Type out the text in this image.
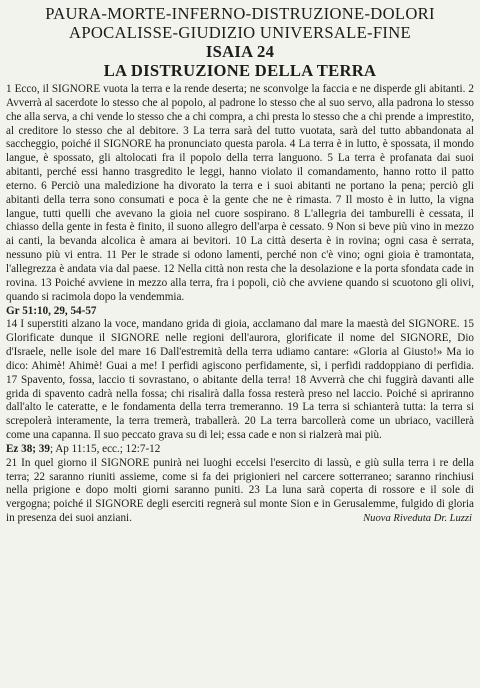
PAURA-MORTE-INFERNO-DISTRUZIONE-DOLORI
APOCALISSE-GIUDIZIO UNIVERSALE-FINE
ISAIA 24
LA DISTRUZIONE DELLA TERRA

1 Ecco, il SIGNORE vuota la terra e la rende deserta; ne sconvolge la faccia e ne disperde gli abitanti. 2 Avverrà al sacerdote lo stesso che al popolo, al padrone lo stesso che al suo servo, alla padrona lo stesso che alla serva, a chi vende lo stesso che a chi compra, a chi presta lo stesso che a chi prende a imprestito, al creditore lo stesso che al debitore. 3 La terra sarà del tutto vuotata, sarà del tutto abbandonata al saccheggio, poiché il SIGNORE ha pronunciato questa parola. 4 La terra è in lutto, è spossata, il mondo langue, è spossato, gli altolocati fra il popolo della terra languono. 5 La terra è profanata dai suoi abitanti, perché essi hanno trasgredito le leggi, hanno violato il comandamento, hanno rotto il patto eterno. 6 Perciò una maledizione ha divorato la terra e i suoi abitanti ne portano la pena; perciò gli abitanti della terra sono consumati e poca è la gente che ne è rimasta. 7 Il mosto è in lutto, la vigna langue, tutti quelli che avevano la gioia nel cuore sospirano. 8 L'allegria dei tamburelli è cessata, il chiasso della gente in festa è finito, il suono allegro dell'arpa è cessato. 9 Non si beve più vino in mezzo ai canti, la bevanda alcolica è amara ai bevitori. 10 La città deserta è in rovina; ogni casa è serrata, nessuno più vi entra. 11 Per le strade si odono lamenti, perché non c'è vino; ogni gioia è tramontata, l'allegrezza è andata via dal paese. 12 Nella città non resta che la desolazione e la porta sfondata cade in rovina. 13 Poiché avviene in mezzo alla terra, fra i popoli, ciò che avviene quando si scuotono gli olivi, quando si racimola dopo la vendemmia.

Gr 51:10, 29, 54-57

14 I superstiti alzano la voce, mandano grida di gioia, acclamano dal mare la maestà del SIGNORE. 15 Glorificate dunque il SIGNORE nelle regioni dell'aurora, glorificate il nome del SIGNORE, Dio d'Israele, nelle isole del mare 16 Dall'estremità della terra udiamo cantare: «Gloria al Giusto!» Ma io dico: Ahimè! Ahimè! Guai a me! I perfidi agiscono perfidamente, sì, i perfidi raddoppiano di perfidia. 17 Spavento, fossa, laccio ti sovrastano, o abitante della terra! 18 Avverrà che chi fuggirà davanti alle grida di spavento cadrà nella fossa; chi risalirà dalla fossa resterà preso nel laccio. Poiché si apriranno dall'alto le cateratte, e le fondamenta della terra tremeranno. 19 La terra si schianterà tutta: la terra si screpolerà interamente, la terra tremerà, traballerà. 20 La terra barcollerà come un ubriaco, vacillerà come una capanna. Il suo peccato grava su di lei; essa cade e non si rialzerà mai più.

Ez 38; 39; Ap 11:15, ecc.; 12:7-12

21 In quel giorno il SIGNORE punirà nei luoghi eccelsi l'esercito di lassù, e giù sulla terra i re della terra; 22 saranno riuniti assieme, come si fa dei prigionieri nel carcere sotterraneo; saranno rinchiusi nella prigione e dopo molti giorni saranno puniti. 23 La luna sarà coperta di rossore e il sole di vergogna; poiché il SIGNORE degli eserciti regnerà sul monte Sion e in Gerusalemme, fulgido di gloria in presenza dei suoi anziani.	Nuova Riveduta Dr. Luzzi
